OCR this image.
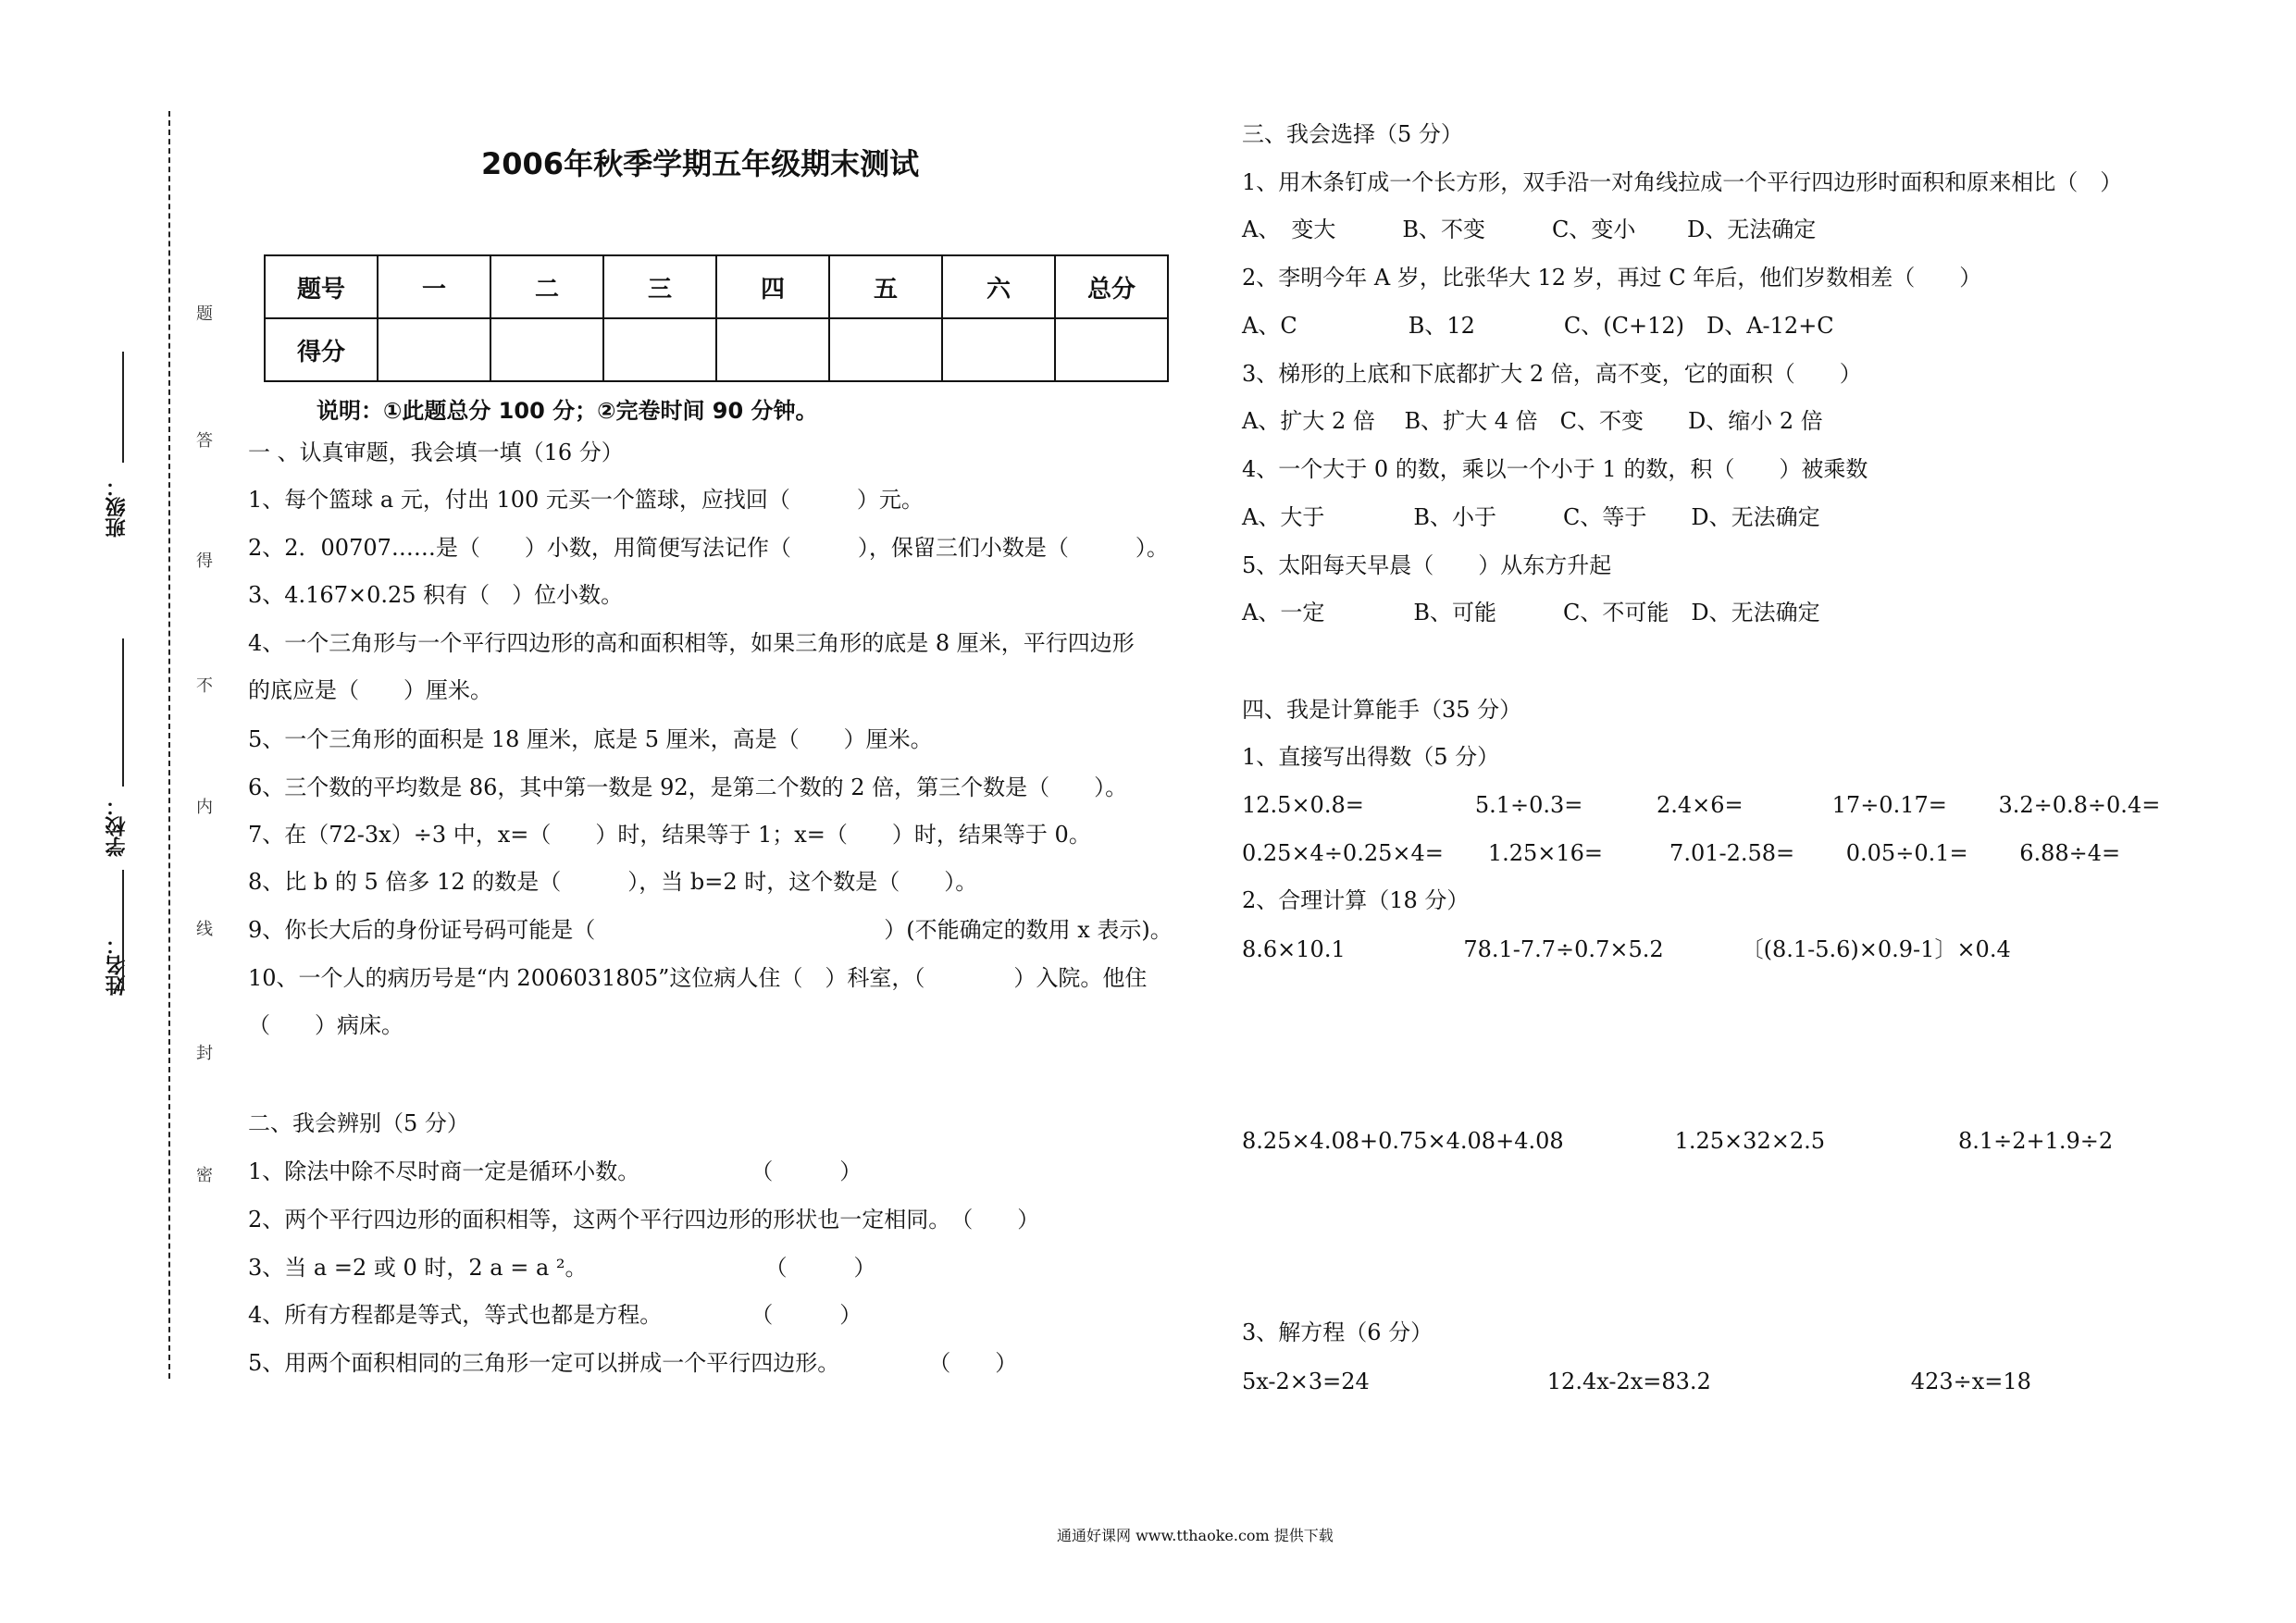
姓名：
学校：
班级：
题
答
得
不
内
线
封
密
2006年秋季学期五年级期末测试
题号	一	二	三	四	五	六	总分
得分							
说明：①此题总分 100 分；②完卷时间 90 分钟。
一 、认真审题，我会填一填（16 分）
1、每个篮球 a 元，付出 100 元买一个篮球，应找回（　　　）元。
2、2．00707……是（　　）小数，用简便写法记作（　　　），保留三们小数是（　　　）。
3、4.167×0.25 积有（　）位小数。
4、一个三角形与一个平行四边形的高和面积相等，如果三角形的底是 8 厘米，平行四边形
的底应是（　　）厘米。
5、一个三角形的面积是 18 厘米，底是 5 厘米，高是（　　）厘米。
6、三个数的平均数是 86，其中第一数是 92，是第二个数的 2 倍，第三个数是（　　）。
7、在（72-3x）÷3 中，x=（　　）时，结果等于 1；x=（　　）时，结果等于 0。
8、比 b 的 5 倍多 12 的数是（　　　），当 b=2 时，这个数是（　　）。
9、你长大后的身份证号码可能是（　　　　　　　　　　　　　）(不能确定的数用 x 表示)。
10、一个人的病历号是“内 2006031805”这位病人住（　）科室，（　　　　）入院。他住
（　　）病床。
二、我会辨别（5 分）
1、除法中除不尽时商一定是循环小数。　　　　　　（　　　）
2、两个平行四边形的面积相等，这两个平行四边形的形状也一定相同。　（　　）
3、当 a =2 或 0 时，2 a = a ²。　　　　　　　　　（　　　）
4、所有方程都是等式，等式也都是方程。　　　　　（　　　）
5、用两个面积相同的三角形一定可以拼成一个平行四边形。　　　　　（　　）
三、我会选择（5 分）
1、用木条钉成一个长方形，双手沿一对角线拉成一个平行四边形时面积和原来相比（　）
A、　变大　　　B、不变　　　C、变小　　 D、无法确定
2、李明今年 A 岁，比张华大 12 岁，再过 C 年后，他们岁数相差（　　）
A、C　　　　　B、12　　　　C、(C+12)　D、A-12+C
3、梯形的上底和下底都扩大 2 倍，高不变，它的面积（　　）
A、扩大 2 倍　 B、扩大 4 倍　C、不变　　D、缩小 2 倍
4、一个大于 0 的数，乘以一个小于 1 的数，积（　　）被乘数
A、大于　　　　B、小于　　　C、等于　　D、无法确定
5、太阳每天早晨（　　）从东方升起
A、一定　　　　B、可能　　　C、不可能　D、无法确定
四、我是计算能手（35 分）
1、直接写出得数（5 分）
12.5×0.8=　　　　　5.1÷0.3=　　　 2.4×6=　　　　17÷0.17=　　 3.2÷0.8÷0.4=
0.25×4÷0.25×4=　　1.25×16=　　　7.01-2.58=　　 0.05÷0.1=　　 6.88÷4=
2、合理计算（18 分）
8.6×10.1　　　　　 78.1-7.7÷0.7×5.2　　　　〔(8.1-5.6)×0.9-1〕×0.4
8.25×4.08+0.75×4.08+4.08　　　　　1.25×32×2.5　　　　　　8.1÷2+1.9÷2
3、解方程（6 分）
5x-2×3=24　　　　　　　　12.4x-2x=83.2　　　　　　　　　423÷x=18
通通好课网 www.tthaoke.com 提供下载
